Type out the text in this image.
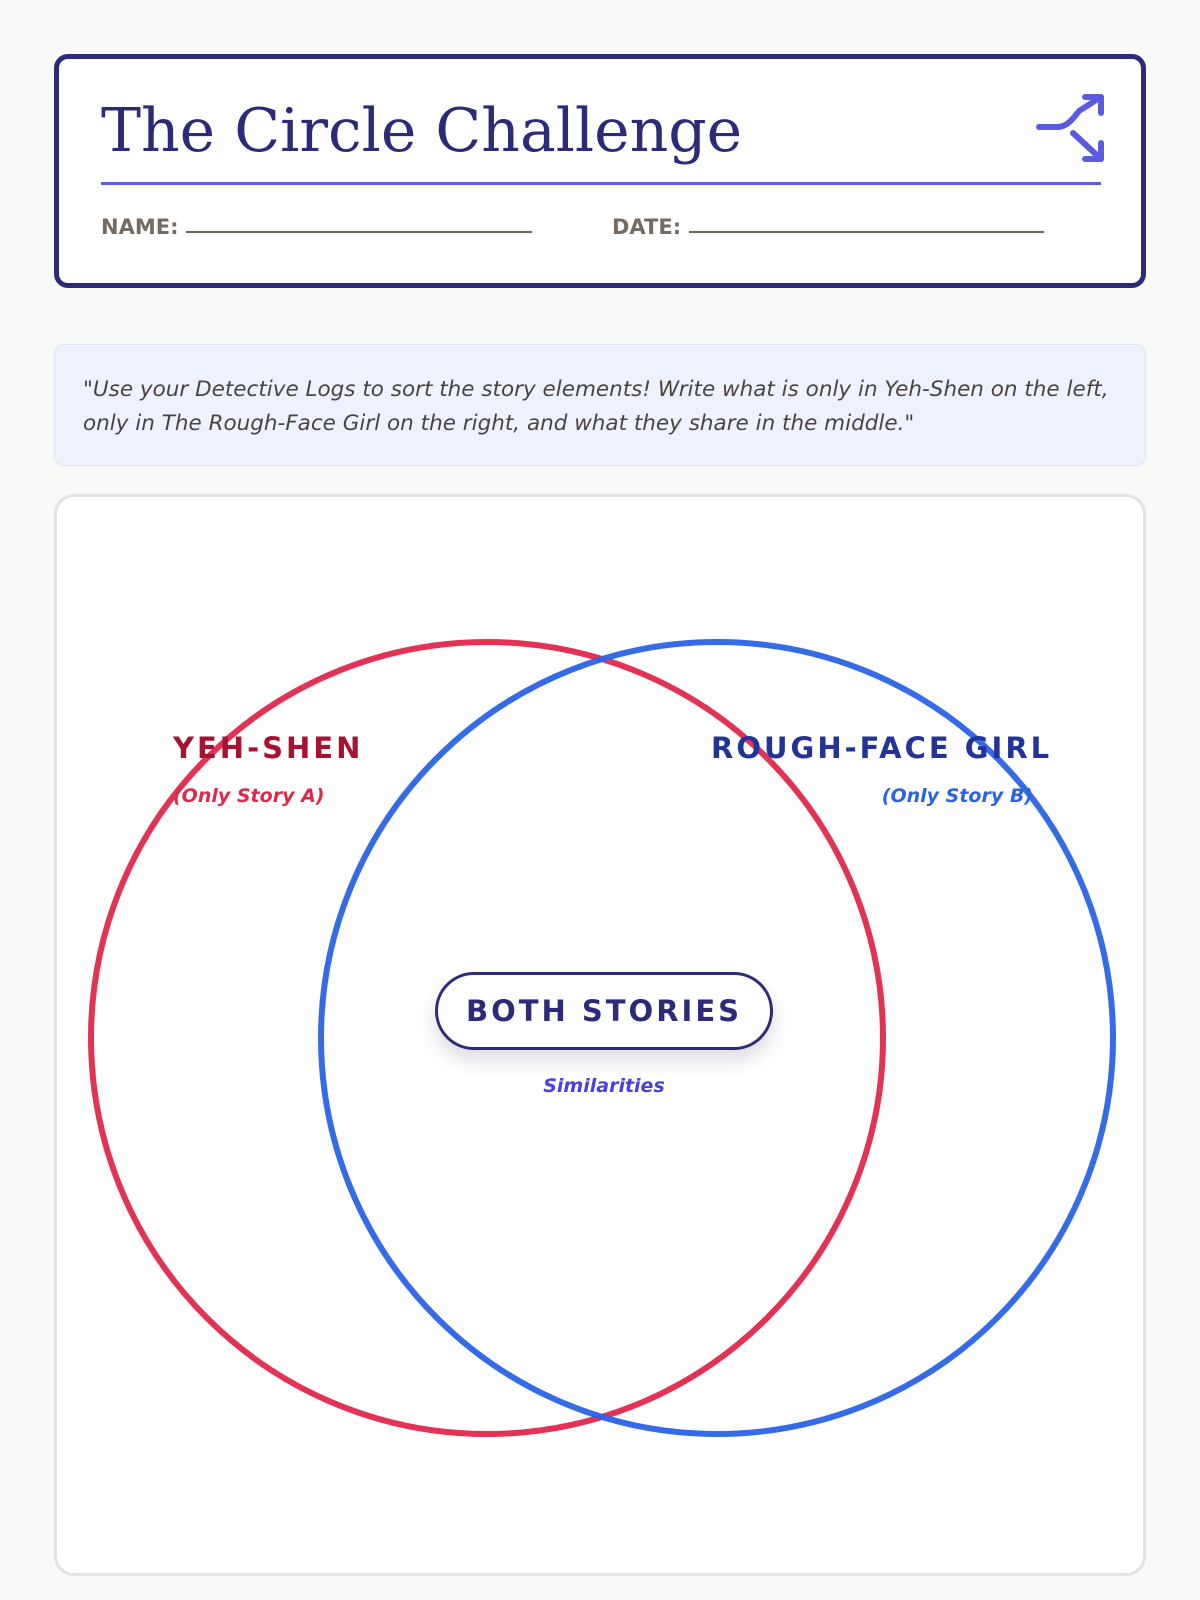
The Circle Challenge
NAME:	DATE:

"Use your Detective Logs to sort the story elements! Write what is only in Yeh-Shen on the left, only in The Rough-Face Girl on the right, and what they share in the middle."

YEH-SHEN
(Only Story A)
ROUGH-FACE GIRL
(Only Story B)
BOTH STORIES
Similarities
